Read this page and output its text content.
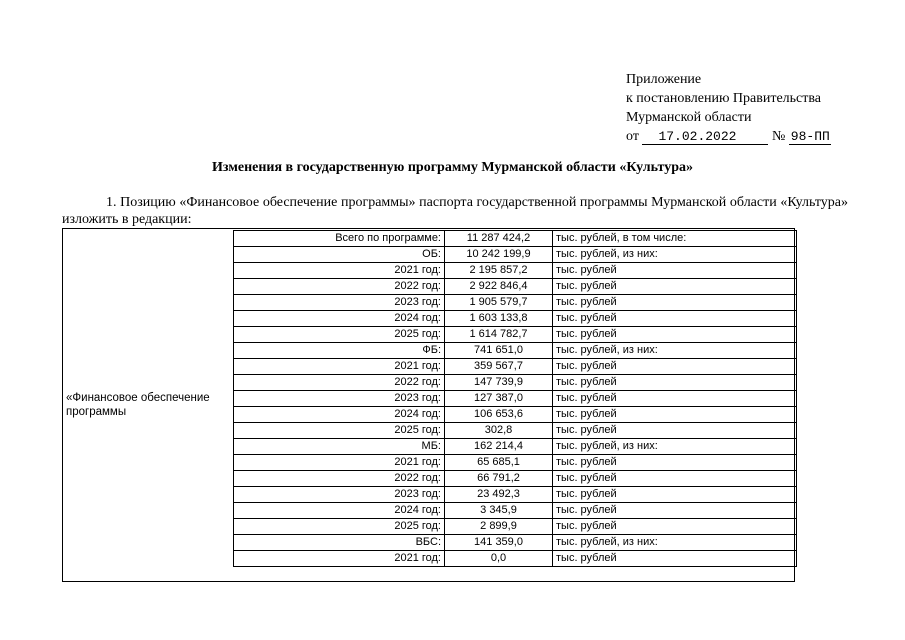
Приложение
к постановлению Правительства
Мурманской области
от 17.02.2022	№ 98-ПП
Изменения в государственную программу Мурманской области «Культура»
1. Позицию «Финансовое обеспечение программы» паспорта государственной программы Мурманской области «Культура» изложить в редакции:
«Финансовое обеспечение программы
Всего по программе:	11 287 424,2	тыс. рублей, в том числе:
ОБ:	10 242 199,9	тыс. рублей, из них:
2021 год:	2 195 857,2	тыс. рублей
2022 год:	2 922 846,4	тыс. рублей
2023 год:	1 905 579,7	тыс. рублей
2024 год:	1 603 133,8	тыс. рублей
2025 год:	1 614 782,7	тыс. рублей
ФБ:	741 651,0	тыс. рублей, из них:
2021 год:	359 567,7	тыс. рублей
2022 год:	147 739,9	тыс. рублей
2023 год:	127 387,0	тыс. рублей
2024 год:	106 653,6	тыс. рублей
2025 год:	302,8	тыс. рублей
МБ:	162 214,4	тыс. рублей, из них:
2021 год:	65 685,1	тыс. рублей
2022 год:	66 791,2	тыс. рублей
2023 год:	23 492,3	тыс. рублей
2024 год:	3 345,9	тыс. рублей
2025 год:	2 899,9	тыс. рублей
ВБС:	141 359,0	тыс. рублей, из них:
2021 год:	0,0	тыс. рублей
